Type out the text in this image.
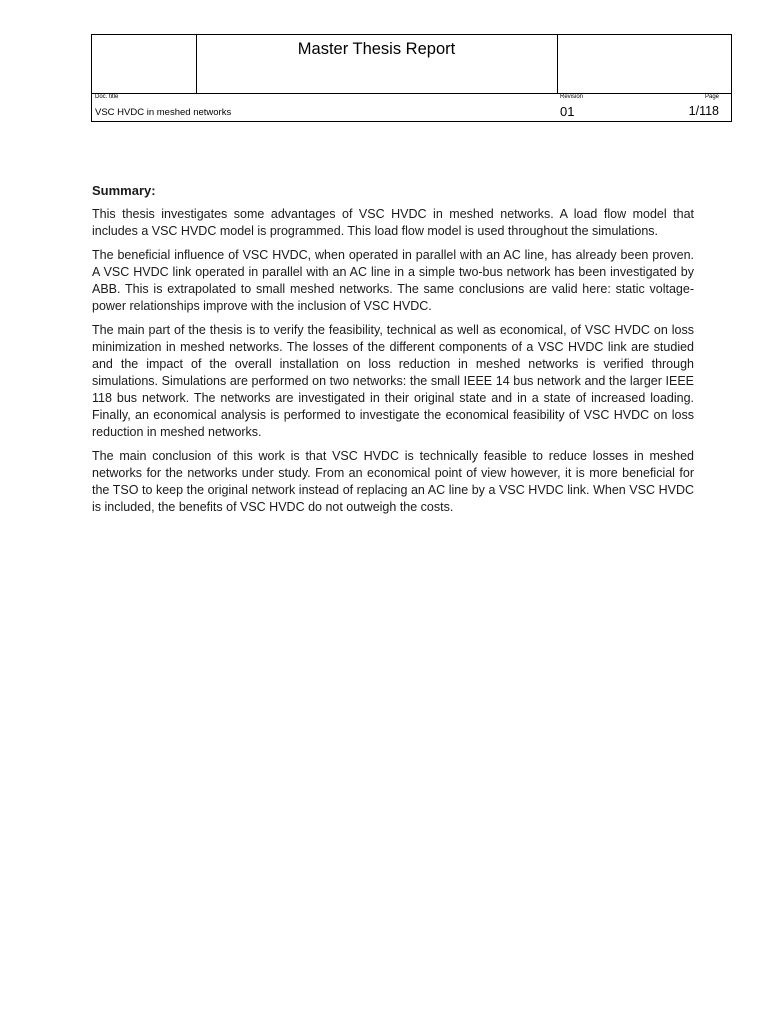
Master Thesis Report
Doc. title
VSC HVDC in meshed networks
Revision
01
Page
1/118
Summary:

This thesis investigates some advantages of VSC HVDC in meshed networks. A load flow model that includes a VSC HVDC model is programmed. This load flow model is used throughout the simulations.

The beneficial influence of VSC HVDC, when operated in parallel with an AC line, has already been proven. A VSC HVDC link operated in parallel with an AC line in a simple two-bus network has been investigated by ABB. This is extrapolated to small meshed networks. The same conclusions are valid here: static voltage-power relationships improve with the inclusion of VSC HVDC.

The main part of the thesis is to verify the feasibility, technical as well as economical, of VSC HVDC on loss minimization in meshed networks. The losses of the different components of a VSC HVDC link are studied and the impact of the overall installation on loss reduction in meshed networks is verified through simulations. Simulations are performed on two networks: the small IEEE 14 bus network and the larger IEEE 118 bus network. The networks are investigated in their original state and in a state of increased loading. Finally, an economical analysis is performed to investigate the economical feasibility of VSC HVDC on loss reduction in meshed networks.

The main conclusion of this work is that VSC HVDC is technically feasible to reduce losses in meshed networks for the networks under study. From an economical point of view however, it is more beneficial for the TSO to keep the original network instead of replacing an AC line by a VSC HVDC link. When VSC HVDC is included, the benefits of VSC HVDC do not outweigh the costs.
